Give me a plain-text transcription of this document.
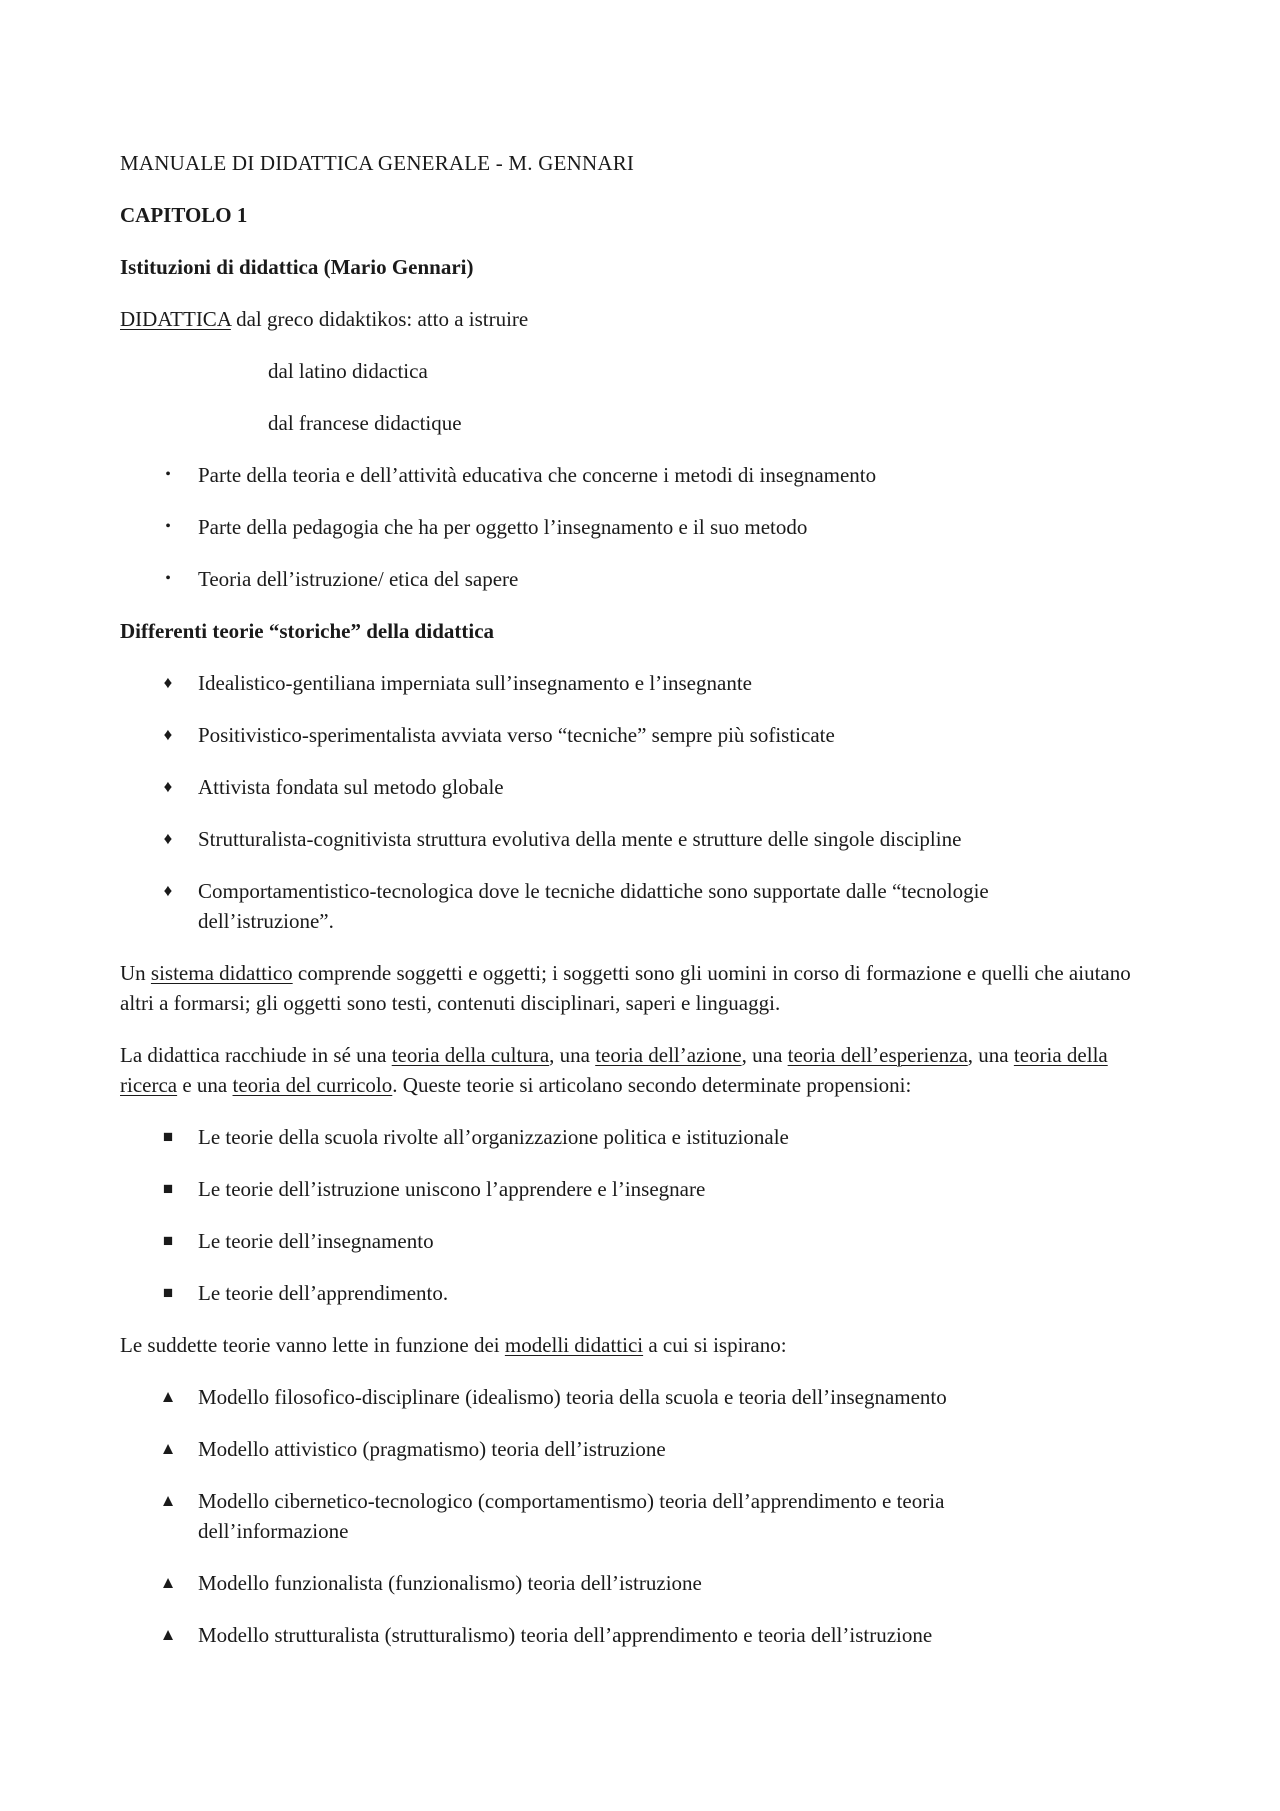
MANUALE DI DIDATTICA GENERALE - M. GENNARI

CAPITOLO 1

Istituzioni di didattica (Mario Gennari)

DIDATTICA dal greco didaktikos: atto a istruire

dal latino didactica

dal francese didactique

•	Parte della teoria e dell’attività educativa che concerne i metodi di insegnamento
•	Parte della pedagogia che ha per oggetto l’insegnamento e il suo metodo
•	Teoria dell’istruzione/ etica del sapere

Differenti teorie “storiche” della didattica

♦ Idealistico-gentiliana imperniata sull’insegnamento e l’insegnante
♦ Positivistico-sperimentalista avviata verso “tecniche” sempre più sofisticate
♦ Attivista fondata sul metodo globale
♦ Strutturalista-cognitivista struttura evolutiva della mente e strutture delle singole discipline
♦ Comportamentistico-tecnologica dove le tecniche didattiche sono supportate dalle “tecnologie dell’istruzione”.

Un sistema didattico comprende soggetti e oggetti; i soggetti sono gli uomini in corso di formazione e quelli che aiutano altri a formarsi; gli oggetti sono testi, contenuti disciplinari, saperi e linguaggi.

La didattica racchiude in sé una teoria della cultura, una teoria dell’azione, una teoria dell’esperienza, una teoria della ricerca e una teoria del curricolo. Queste teorie si articolano secondo determinate propensioni:

■ Le teorie della scuola rivolte all’organizzazione politica e istituzionale
■ Le teorie dell’istruzione uniscono l’apprendere e l’insegnare
■ Le teorie dell’insegnamento
■ Le teorie dell’apprendimento.

Le suddette teorie vanno lette in funzione dei modelli didattici a cui si ispirano:

▲ Modello filosofico-disciplinare (idealismo) teoria della scuola e teoria dell’insegnamento
▲ Modello attivistico (pragmatismo) teoria dell’istruzione
▲ Modello cibernetico-tecnologico (comportamentismo) teoria dell’apprendimento e teoria dell’informazione
▲ Modello funzionalista (funzionalismo) teoria dell’istruzione
▲ Modello strutturalista (strutturalismo) teoria dell’apprendimento e teoria dell’istruzione
